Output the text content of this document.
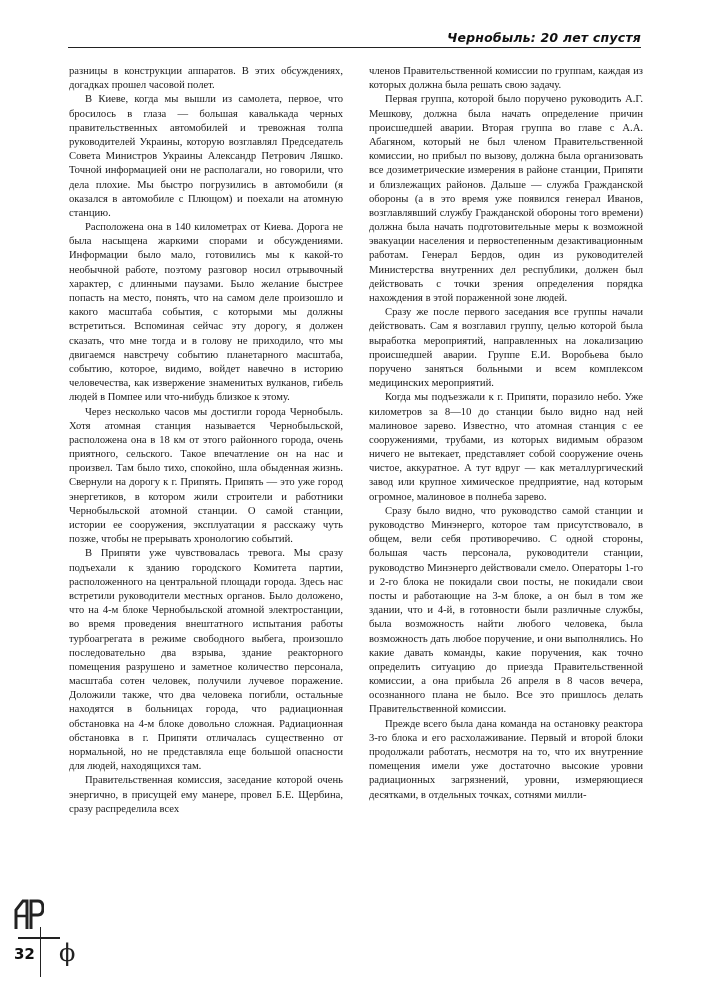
Чернобыль: 20 лет спустя

разницы в конструкции аппаратов. В этих обсуждениях, догадках прошел часовой полет.

В Киеве, когда мы вышли из самолета, первое, что бросилось в глаза — большая кавалькада черных правительственных автомобилей и тревожная толпа руководителей Украины, которую возглавлял Председатель Совета Министров Украины Александр Петрович Ляшко. Точной информацией они не располагали, но говорили, что дела плохие. Мы быстро погрузились в автомобили (я оказался в автомобиле с Плющом) и поехали на атомную станцию.

Расположена она в 140 километрах от Киева. Дорога не была насыщена жаркими спорами и обсуждениями. Информации было мало, готовились мы к какой-то необычной работе, поэтому разговор носил отрывочный характер, с длинными паузами. Было желание быстрее попасть на место, понять, что на самом деле произошло и какого масштаба события, с которыми мы должны встретиться. Вспоминая сейчас эту дорогу, я должен сказать, что мне тогда и в голову не приходило, что мы двигаемся навстречу событию планетарного масштаба, событию, которое, видимо, войдет навечно в историю человечества, как извержение знаменитых вулканов, гибель людей в Помпее или что-нибудь близкое к этому.

Через несколько часов мы достигли города Чернобыль. Хотя атомная станция называется Чернобыльской, расположена она в 18 км от этого районного города, очень приятного, сельского. Такое впечатление он на нас и произвел. Там было тихо, спокойно, шла обыденная жизнь. Свернули на дорогу к г. Припять. Припять — это уже город энергетиков, в котором жили строители и работники Чернобыльской атомной станции. О самой станции, истории ее сооружения, эксплуатации я расскажу чуть позже, чтобы не прерывать хронологию событий.

В Припяти уже чувствовалась тревога. Мы сразу подъехали к зданию городского Комитета партии, расположенного на центральной площади города. Здесь нас встретили руководители местных органов. Было доложено, что на 4-м блоке Чернобыльской атомной электростанции, во время проведения внештатного испытания работы турбоагрегата в режиме свободного выбега, произошло последовательно два взрыва, здание реакторного помещения разрушено и заметное количество персонала, масштаба сотен человек, получили лучевое поражение. Доложили также, что два человека погибли, остальные находятся в больницах города, что радиационная обстановка на 4-м блоке довольно сложная. Радиационная обстановка в г. Припяти отличалась существенно от нормальной, но не представляла еще большой опасности для людей, находящихся там.

Правительственная комиссия, заседание которой очень энергично, в присущей ему манере, провел Б.Е. Щербина, сразу распределила всех

членов Правительственной комиссии по группам, каждая из которых должна была решать свою задачу.

Первая группа, которой было поручено руководить А.Г. Мешкову, должна была начать определение причин происшедшей аварии. Вторая группа во главе с А.А. Абагяном, который не был членом Правительственной комиссии, но прибыл по вызову, должна была организовать все дозиметрические измерения в районе станции, Припяти и близлежащих районов. Дальше — служба Гражданской обороны (а в это время уже появился генерал Иванов, возглавлявший службу Гражданской обороны того времени) должна была начать подготовительные меры к возможной эвакуации населения и первостепенным дезактивационным работам. Генерал Бердов, один из руководителей Министерства внутренних дел республики, должен был действовать с точки зрения определения порядка нахождения в этой пораженной зоне людей.

Сразу же после первого заседания все группы начали действовать. Сам я возглавил группу, целью которой была выработка мероприятий, направленных на локализацию происшедшей аварии. Группе Е.И. Воробьева было поручено заняться больными и всем комплексом медицинских мероприятий.

Когда мы подъезжали к г. Припяти, поразило небо. Уже километров за 8—10 до станции было видно над ней малиновое зарево. Известно, что атомная станция с ее сооружениями, трубами, из которых видимым образом ничего не вытекает, представляет собой сооружение очень чистое, аккуратное. А тут вдруг — как металлургический завод или крупное химическое предприятие, над которым огромное, малиновое в полнеба зарево.

Сразу было видно, что руководство самой станции и руководство Минэнерго, которое там присутствовало, в общем, вели себя противоречиво. С одной стороны, большая часть персонала, руководители станции, руководство Минэнерго действовали смело. Операторы 1-го и 2-го блока не покидали свои посты, не покидали свои посты и работающие на 3-м блоке, а он был в том же здании, что и 4-й, в готовности были различные службы, была возможность найти любого человека, была возможность дать любое поручение, и они выполнялись. Но какие давать команды, какие поручения, как точно определить ситуацию до приезда Правительственной комиссии, а она прибыла 26 апреля в 8 часов вечера, осознанного плана не было. Все это пришлось делать Правительственной комиссии.

Прежде всего была дана команда на остановку реактора 3-го блока и его расхолаживание. Первый и второй блоки продолжали работать, несмотря на то, что их внутренние помещения имели уже достаточно высокие уровни радиационных загрязнений, уровни, измеряющиеся десятками, в отдельных точках, сотнями милли-

32 ϕ
